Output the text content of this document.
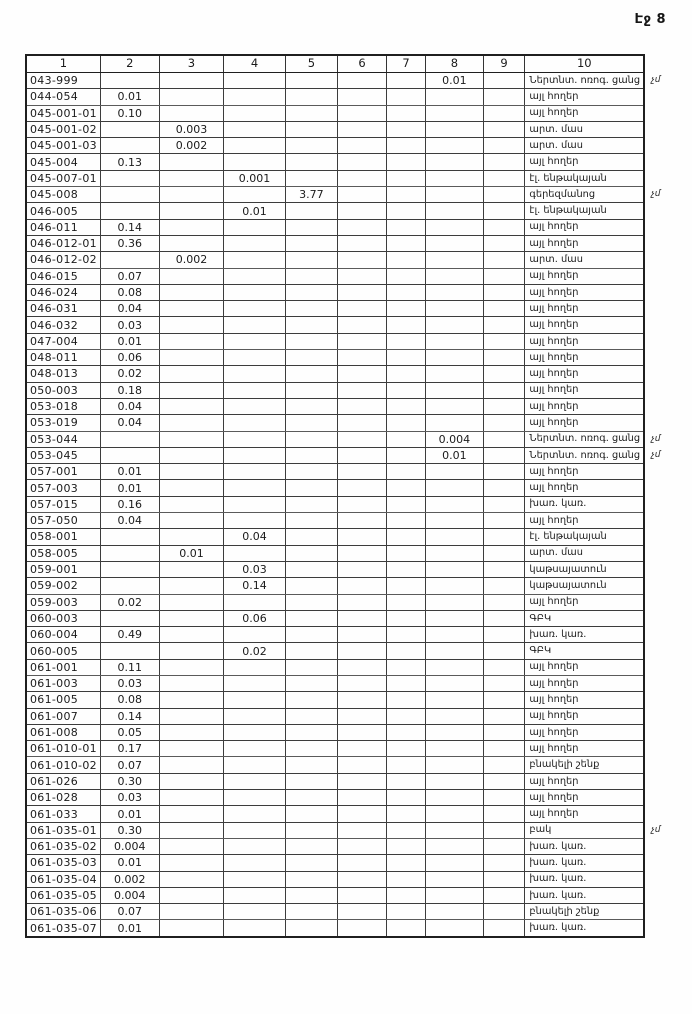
Էջ 8
1	2	3	4	5	6	7	8	9	10	
043-999							0.01		Ներտնտ. ոռոգ. ցանց	չմ
044-054	0.01								այլ հողեր	
045-001-01	0.10								այլ հողեր	
045-001-02		0.003							արտ. մաս	
045-001-03		0.002							արտ. մաս	
045-004	0.13								այլ հողեր	
045-007-01			0.001						էլ. ենթակայան	
045-008				3.77					գերեզմանոց	չմ
046-005			0.01						էլ. ենթակայան	
046-011	0.14								այլ հողեր	
046-012-01	0.36								այլ հողեր	
046-012-02		0.002							արտ. մաս	
046-015	0.07								այլ հողեր	
046-024	0.08								այլ հողեր	
046-031	0.04								այլ հողեր	
046-032	0.03								այլ հողեր	
047-004	0.01								այլ հողեր	
048-011	0.06								այլ հողեր	
048-013	0.02								այլ հողեր	
050-003	0.18								այլ հողեր	
053-018	0.04								այլ հողեր	
053-019	0.04								այլ հողեր	
053-044							0.004		Ներտնտ. ոռոգ. ցանց	չմ
053-045							0.01		Ներտնտ. ոռոգ. ցանց	չմ
057-001	0.01								այլ հողեր	
057-003	0.01								այլ հողեր	
057-015	0.16								խառ. կառ.	
057-050	0.04								այլ հողեր	
058-001			0.04						էլ. ենթակայան	
058-005		0.01							արտ. մաս	
059-001			0.03						կաթսայատուն	
059-002			0.14						կաթսայատուն	
059-003	0.02								այլ հողեր	
060-003			0.06						ԳԲԿ	
060-004	0.49								խառ. կառ.	
060-005			0.02						ԳԲԿ	
061-001	0.11								այլ հողեր	
061-003	0.03								այլ հողեր	
061-005	0.08								այլ հողեր	
061-007	0.14								այլ հողեր	
061-008	0.05								այլ հողեր	
061-010-01	0.17								այլ հողեր	
061-010-02	0.07								բնակելի շենք	
061-026	0.30								այլ հողեր	
061-028	0.03								այլ հողեր	
061-033	0.01								այլ հողեր	
061-035-01	0.30								բակ	չմ
061-035-02	0.004								խառ. կառ.	
061-035-03	0.01								խառ. կառ.	
061-035-04	0.002								խառ. կառ.	
061-035-05	0.004								խառ. կառ.	
061-035-06	0.07								բնակելի շենք	
061-035-07	0.01								խառ. կառ.	
